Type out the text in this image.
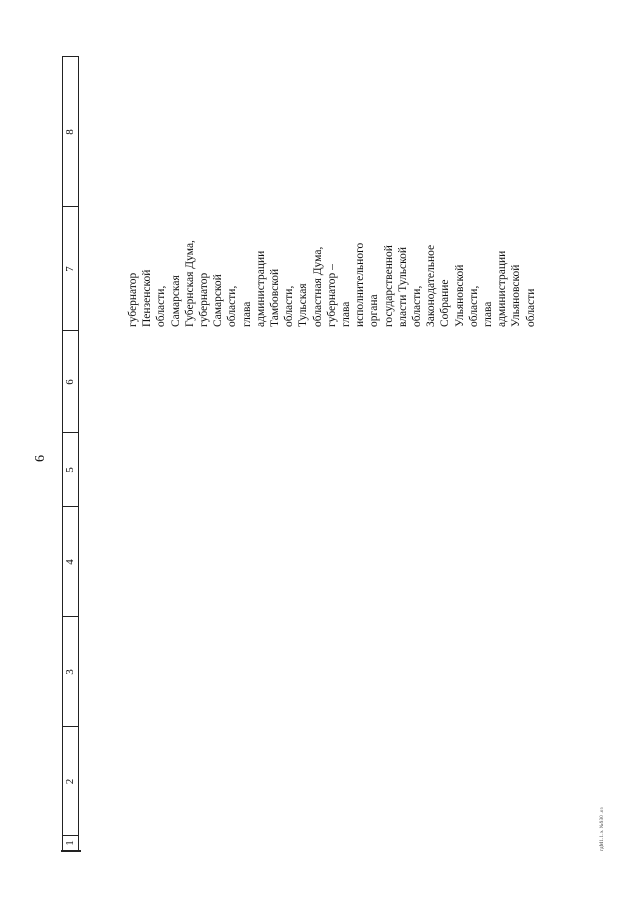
6
1
2
3
4
5
6
7
8
губернатор Пензенской области, Самарская Губернская Дума, губернатор Самарской области, глава администрации Тамбовской области, Тульская областная Дума, губернатор – глава исполнительного органа государственной власти Тульской области, Законодательное Собрание Ульяновской области, глава администрации Ульяновской области
гдМ1.1.э. №930 .оз
